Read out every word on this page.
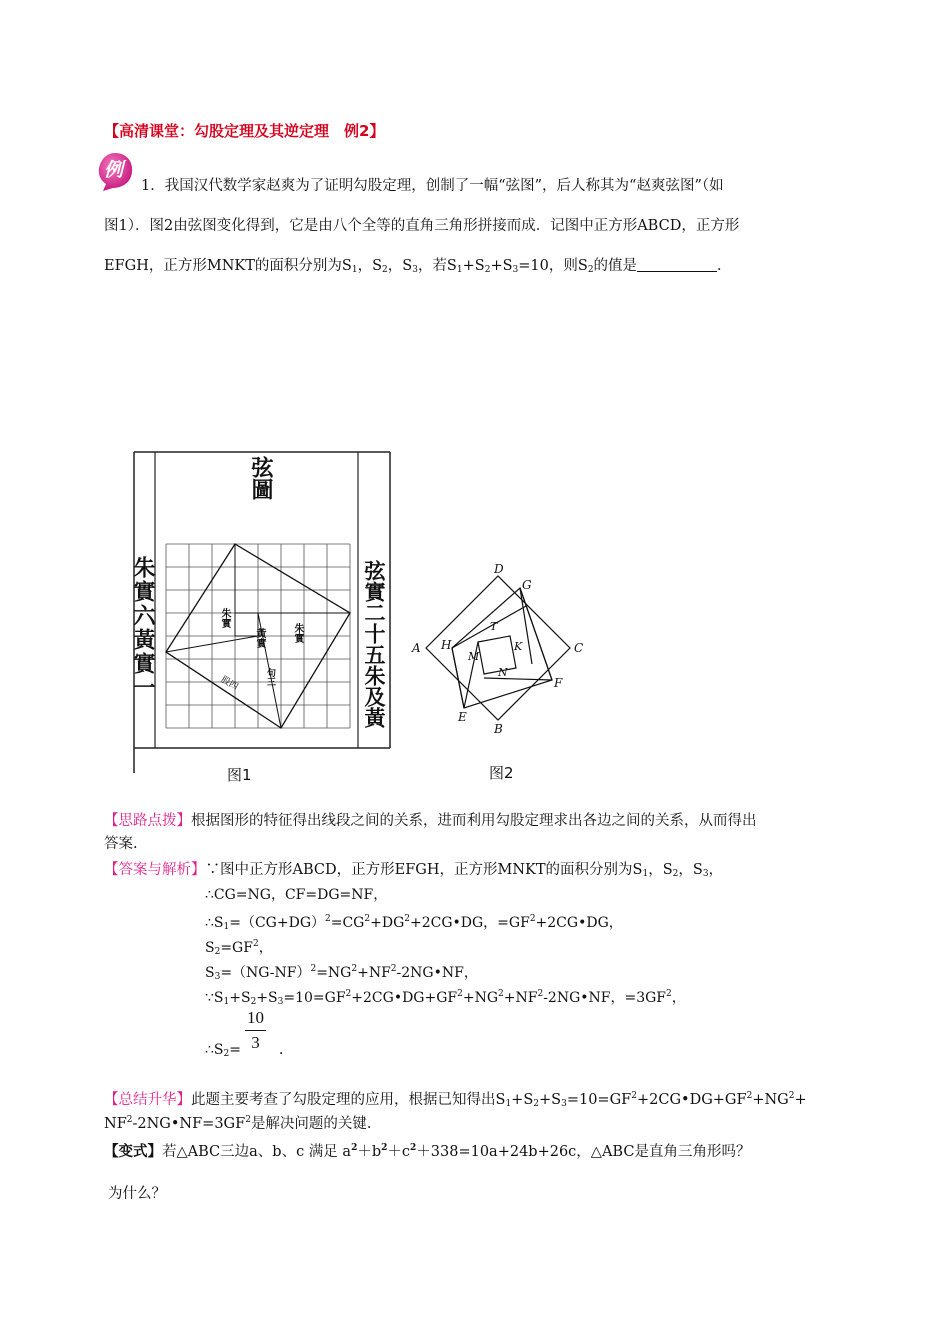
【高清课堂：勾股定理及其逆定理　例2】
例
1．我国汉代数学家赵爽为了证明勾股定理，创制了一幅“弦图”，后人称其为“赵爽弦图”（如
图1）．图2由弦图变化得到，它是由八个全等的直角三角形拼接而成．记图中正方形ABCD，正方形
EFGH，正方形MNKT的面积分别为$S_1$，$S_2$，$S_3$，若$S_1+S_2+S_3=10$，则$S_2$的值是	．
弦圖
朱實六黃實一	弦實二十五朱及黃
朱實
黃實	朱實
股四	句三
图1
D
A	C
B
H
G
F
E
T
K
M
N
图2
【思路点拨】根据图形的特征得出线段之间的关系，进而利用勾股定理求出各边之间的关系，从而得出
答案.
【答案与解析】∵图中正方形ABCD，正方形EFGH，正方形MNKT的面积分别为$S_1$，$S_2$，$S_3$，
∴CG=NG，CF=DG=NF，
$\therefore S_1=(CG+DG)^2=CG^2+DG^2+2CG•DG$，$=GF^2+2CG•DG$，
$S_2=GF^2$，
$S_3=(NG-NF)^2=NG^2+NF^2-2NG•NF$，
$\because S_1+S_2+S_3=10=GF^2+2CG•DG+GF^2+NG^2+NF^2-2NG•NF$，$=3GF^2$，
$\frac{10}{3}$
$\therefore S_2=$	．
【总结升华】此题主要考查了勾股定理的应用，根据已知得出$S_1+S_2+S_3=10=GF^2+2CG•DG+GF^2+NG^2+$
$NF^2-2NG•NF=3GF^2$是解决问题的关键.
【变式】若△ABC三边a、b、c 满足 $a^2+b^2+c^2+338=10a+24b+26c$，△ABC是直角三角形吗？
为什么？
